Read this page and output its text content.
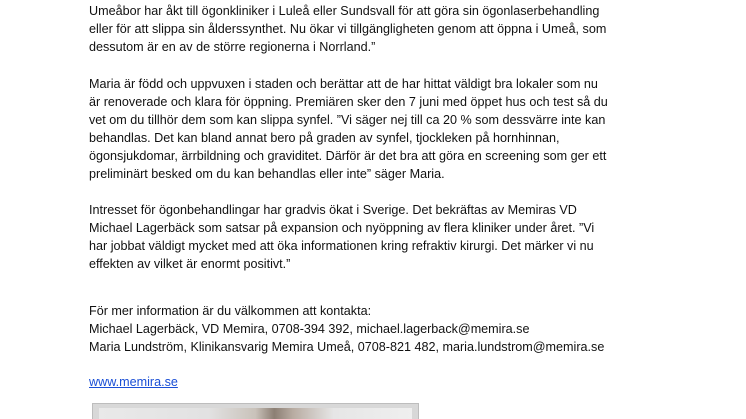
Umeåbor har åkt till ögonkliniker i Luleå eller Sundsvall för att göra sin ögonlaserbehandling
eller för att slippa sin ålderssynthet. Nu ökar vi tillgängligheten genom att öppna i Umeå, som
dessutom är en av de större regionerna i Norrland.”
Maria är född och uppvuxen i staden och berättar att de har hittat väldigt bra lokaler som nu
är renoverade och klara för öppning. Premiären sker den 7 juni med öppet hus och test så du
vet om du tillhör dem som kan slippa synfel. ”Vi säger nej till ca 20 % som dessvärre inte kan
behandlas. Det kan bland annat bero på graden av synfel, tjockleken på hornhinnan,
ögonsjukdomar, ärrbildning och graviditet. Därför är det bra att göra en screening som ger ett
preliminärt besked om du kan behandlas eller inte” säger Maria.
Intresset för ögonbehandlingar har gradvis ökat i Sverige. Det bekräftas av Memiras VD
Michael Lagerbäck som satsar på expansion och nyöppning av flera kliniker under året. ”Vi
har jobbat väldigt mycket med att öka informationen kring refraktiv kirurgi. Det märker vi nu
effekten av vilket är enormt positivt.”
För mer information är du välkommen att kontakta:
Michael Lagerbäck, VD Memira, 0708-394 392, michael.lagerback@memira.se
Maria Lundström, Klinikansvarig Memira Umeå, 0708-821 482, maria.lundstrom@memira.se
www.memira.se
